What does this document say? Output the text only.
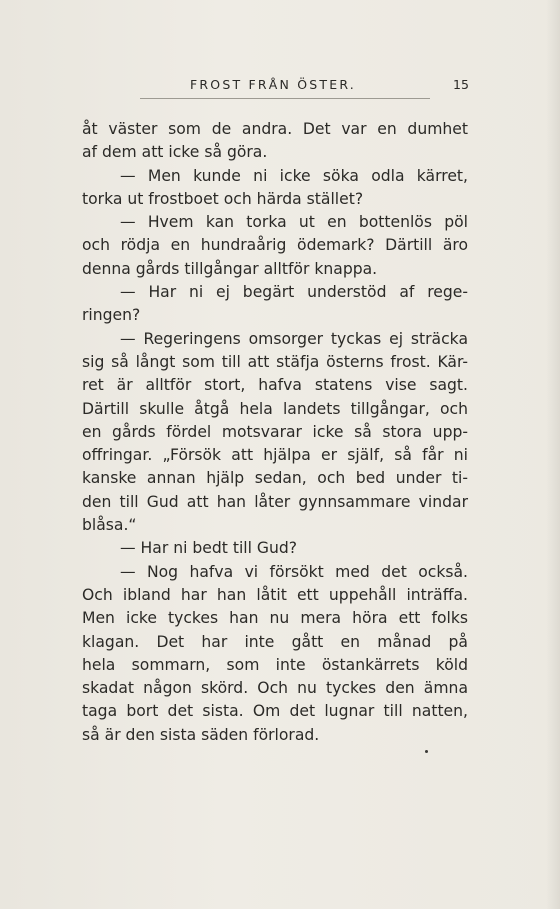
FROST FRÅN ÖSTER.	15
åt väster som de andra. Det var en dumhet
af dem att icke så göra.
— Men kunde ni icke söka odla kärret,
torka ut frostboet och härda stället?
— Hvem kan torka ut en bottenlös pöl
och rödja en hundraårig ödemark? Därtill äro
denna gårds tillgångar alltför knappa.
— Har ni ej begärt understöd af rege-
ringen?
— Regeringens omsorger tyckas ej sträcka
sig så långt som till att stäfja österns frost. Kär-
ret är alltför stort, hafva statens vise sagt.
Därtill skulle åtgå hela landets tillgångar, och
en gårds fördel motsvarar icke så stora upp-
offringar. „Försök att hjälpa er själf, så får ni
kanske annan hjälp sedan, och bed under ti-
den till Gud att han låter gynnsammare vindar
blåsa.“
— Har ni bedt till Gud?
— Nog hafva vi försökt med det också.
Och ibland har han låtit ett uppehåll inträffa.
Men icke tyckes han nu mera höra ett folks
klagan. Det har inte gått en månad på
hela sommarn, som inte östankärrets köld
skadat någon skörd. Och nu tyckes den ämna
taga bort det sista. Om det lugnar till natten,
så är den sista säden förlorad.
